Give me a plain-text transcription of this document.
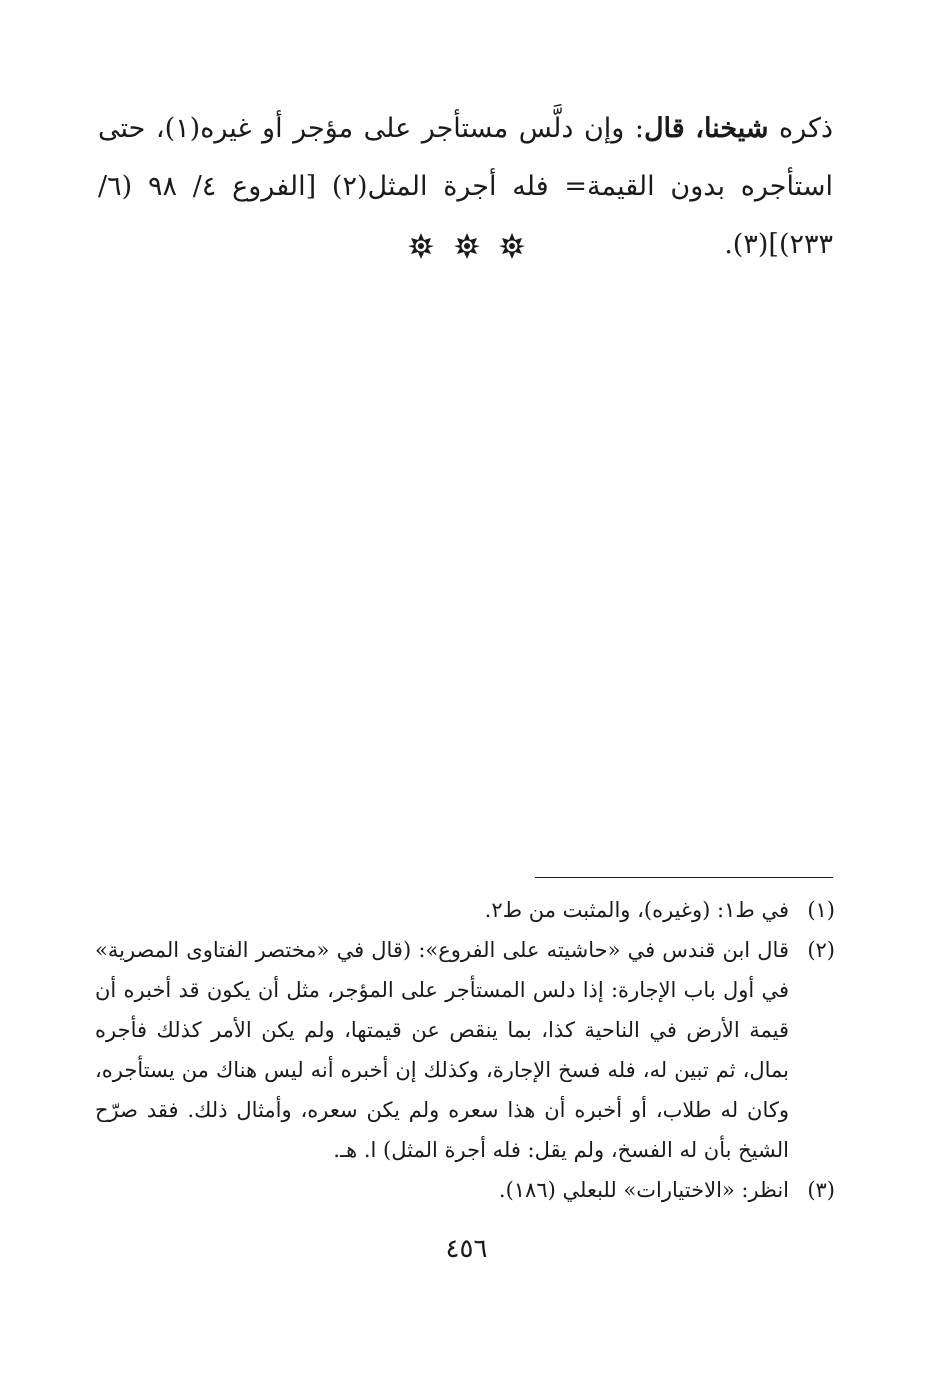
ذكره شيخنا، قال: وإن دلَّس مستأجر على مؤجر أو غيره(١)، حتى استأجره بدون القيمة= فله أجرة المثل(٢) [الفروع ٤/ ٩٨ (٦/ ٢٣٣)](٣).

(١)
في ط١: (وغيره)، والمثبت من ط٢.
(٢)
قال ابن قندس في «حاشيته على الفروع»: (قال في «مختصر الفتاوى المصرية» في أول باب الإجارة: إذا دلس المستأجر على المؤجر، مثل أن يكون قد أخبره أن قيمة الأرض في الناحية كذا، بما ينقص عن قيمتها، ولم يكن الأمر كذلك فأجره بمال، ثم تبين له، فله فسخ الإجارة، وكذلك إن أخبره أنه ليس هناك من يستأجره، وكان له طلاب، أو أخبره أن هذا سعره ولم يكن سعره، وأمثال ذلك. فقد صرّح الشيخ بأن له الفسخ، ولم يقل: فله أجرة المثل) ا. هـ.
(٣)
انظر: «الاختيارات» للبعلي (١٨٦).
٤٥٦
